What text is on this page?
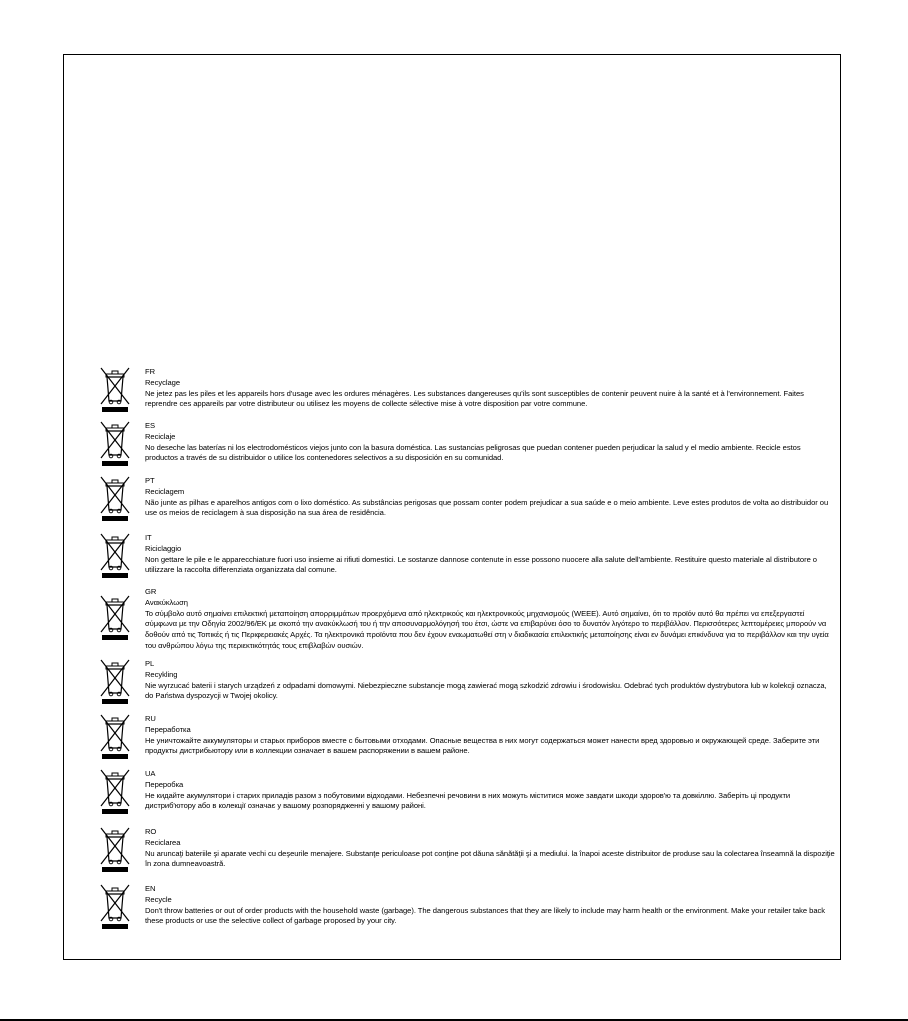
FR
Recyclage
Ne jetez pas les piles et les appareils hors d'usage avec les ordures ménagères. Les substances dangereuses qu'ils sont susceptibles de contenir peuvent nuire à la santé et à l'environnement. Faites reprendre ces appareils par votre distributeur ou utilisez les moyens de collecte sélective mise à votre disposition par votre commune.
ES
Reciclaje
No deseche las baterías ni los electrodomésticos viejos junto con la basura doméstica. Las sustancias peligrosas que puedan contener pueden perjudicar la salud y el medio ambiente. Recicle estos productos a través de su distribuidor o utilice los contenedores selectivos a su disposición en su comunidad.
PT
Reciclagem
Não junte as pilhas e aparelhos antigos com o lixo doméstico. As substâncias perigosas que possam conter podem prejudicar a sua saúde e o meio ambiente. Leve estes produtos de volta ao distribuidor ou use os meios de reciclagem à sua disposição na sua área de residência.
IT
Riciclaggio
Non gettare le pile e le apparecchiature fuori uso insieme ai rifiuti domestici. Le sostanze dannose contenute in esse possono nuocere alla salute dell'ambiente. Restituire questo materiale al distributore o utilizzare la raccolta differenziata organizzata dal comune.
GR
Ανακύκλωση
Το σύμβολο αυτό σημαίνει επιλεκτική μεταποίηση απορριμμάτων προερχόμενα από ηλεκτρικούς και ηλεκτρονικούς μηχανισμούς (WEEE). Αυτό σημαίνει, ότι το προϊόν αυτό θα πρέπει να επεξεργαστεί σύμφωνα με την Οδηγία 2002/96/ΕΚ με σκοπό την ανακύκλωσή του ή την αποσυναρμολόγησή του έτσι, ώστε να επιβαρύνει όσο το δυνατόν λιγότερο το περιβάλλον. Περισσότερες λεπτομέρειες μπορούν να δοθούν από τις Τοπικές ή τις Περιφερειακές Αρχές. Τα ηλεκτρονικά προϊόντα που δεν έχουν εναωματωθεί στη ν διαδικασία επιλεκτικής μεταποίησης είναι εν δυνάμει επικίνδυνα για το περιβάλλον και την υγεία του ανθρώπου λόγω της περιεκτικότητάς τους επιβλαβών ουσιών.
PL
Recykling
Nie wyrzucać baterii i starych urządzeń z odpadami domowymi. Niebezpieczne substancje mogą zawierać mogą szkodzić zdrowiu i środowisku. Odebrać tych produktów dystrybutora lub w kolekcji oznacza, do Państwa dyspozycji w Twojej okolicy.
RU
Переработка
Не уничтожайте аккумуляторы и старых приборов вместе с бытовыми отходами. Опасные вещества в них могут содержаться может нанести вред здоровью и окружающей среде. Заберите эти продукты дистрибьютору или в коллекции означает в вашем распоряжении в вашем районе.
UA
Переробка
Не кидайте акумулятори і старих приладів разом з побутовими відходами. Небезпечні речовини в них можуть міститися може завдати шкоди здоров'ю та довкіллю. Заберіть ці продукти дистриб'ютору або в колекції означає у вашому розпорядженні у вашому районі.
RO
Reciclarea
Nu aruncaţi bateriile şi aparate vechi cu deşeurile menajere. Substanţe periculoase pot conţine pot dăuna sănătăţii şi a mediului. la înapoi aceste distribuitor de produse sau la colectarea înseamnă la dispoziţie în zona dumneavoastră.
EN
Recycle
Don't throw batteries or out of order products with the household waste (garbage). The dangerous substances that they are likely to include may harm health or the environment. Make your retailer take back these products or use the selective collect of garbage proposed by your city.
